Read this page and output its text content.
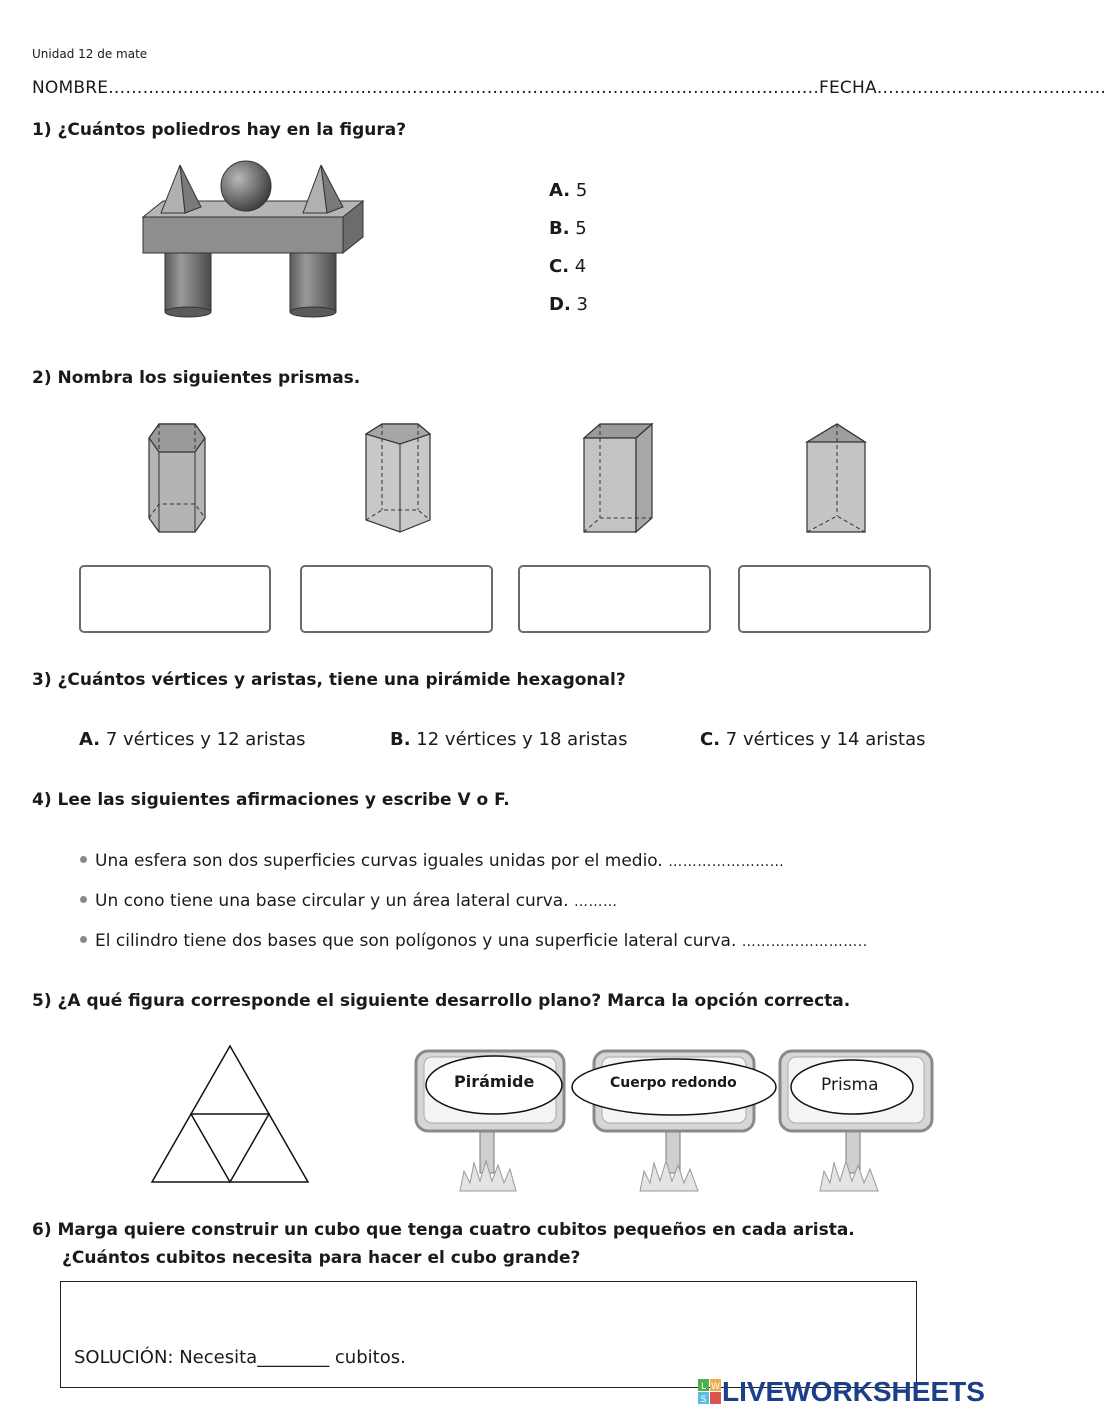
Unidad 12 de mate
NOMBRE…………………………………………………………………………………………………………….FECHA………………………………….
1) ¿Cuántos poliedros hay en la figura?
A. 5
B. 5
C. 4
D. 3
2) Nombra los siguientes prismas.
3) ¿Cuántos vértices y aristas, tiene una pirámide hexagonal?
A. 7 vértices y 12 aristas	B. 12 vértices y 18 aristas	C. 7 vértices y 14 aristas
4) Lee las siguientes afirmaciones y escribe V o F.
Una esfera son dos superficies curvas iguales unidas por el medio. ……………………
Un cono tiene una base circular y un área lateral curva. ………
El cilindro tiene dos bases que son polígonos y una superficie lateral curva. ……………………..
5) ¿A qué figura corresponde el siguiente desarrollo plano? Marca la opción correcta.
Pirámide	Cuerpo redondo	Prisma
6) Marga quiere construir un cubo que tenga cuatro cubitos pequeños en cada arista.
¿Cuántos cubitos necesita para hacer el cubo grande?
SOLUCIÓN: Necesita________ cubitos.
L W
S LIVEWORKSHEETS
